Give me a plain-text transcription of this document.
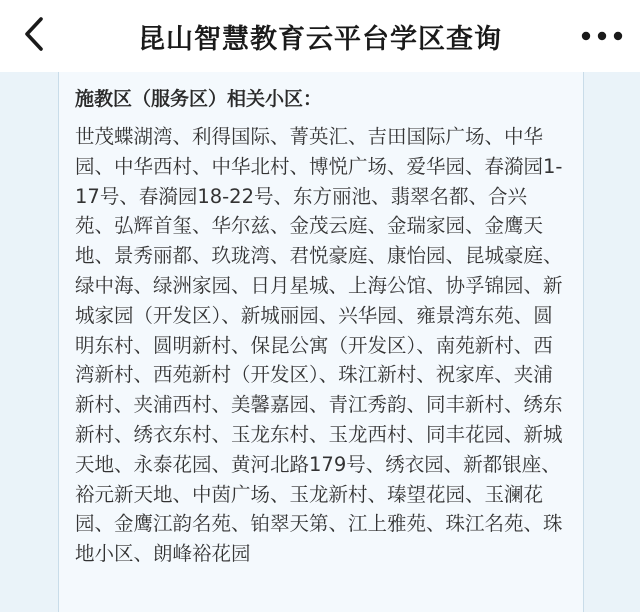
昆山智慧教育云平台学区查询
施教区（服务区）相关小区：
世茂蝶湖湾、利得国际、菁英汇、吉田国际广场、中华园、中华西村、中华北村、博悦广场、爱华园、春漪园1-17号、春漪园18-22号、东方丽池、翡翠名都、合兴苑、弘辉首玺、华尔兹、金茂云庭、金瑞家园、金鹰天地、景秀丽都、玖珑湾、君悦豪庭、康怡园、昆城豪庭、绿中海、绿洲家园、日月星城、上海公馆、协孚锦园、新城家园（开发区）、新城丽园、兴华园、雍景湾东苑、圆明东村、圆明新村、保昆公寓（开发区）、南苑新村、西湾新村、西苑新村（开发区）、珠江新村、祝家库、夹浦新村、夹浦西村、美馨嘉园、青江秀韵、同丰新村、绣东新村、绣衣东村、玉龙东村、玉龙西村、同丰花园、新城天地、永泰花园、黄河北路179号、绣衣园、新都银座、裕元新天地、中茵广场、玉龙新村、瑧望花园、玉澜花园、金鹰江韵名苑、铂翠天第、江上雅苑、珠江名苑、珠地小区、朗峰裕花园
